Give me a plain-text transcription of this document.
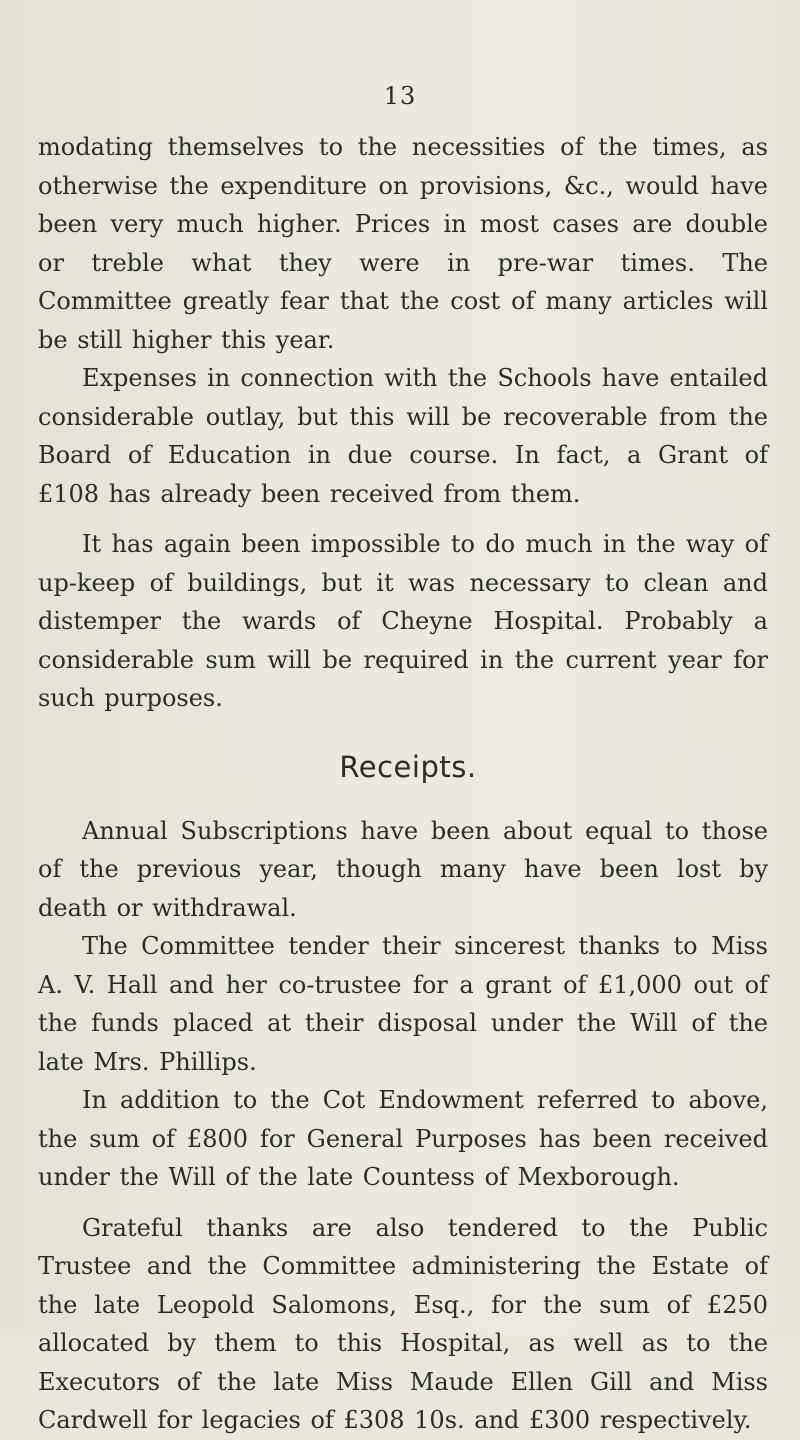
13

modating themselves to the necessities of the times, as otherwise the expenditure on provisions, &c., would have been very much higher. Prices in most cases are double or treble what they were in pre-war times. The Committee greatly fear that the cost of many articles will be still higher this year.

Expenses in connection with the Schools have entailed considerable outlay, but this will be recoverable from the Board of Education in due course. In fact, a Grant of £108 has already been received from them.

It has again been impossible to do much in the way of up-keep of buildings, but it was necessary to clean and distemper the wards of Cheyne Hospital. Probably a considerable sum will be required in the current year for such purposes.

Receipts.

Annual Subscriptions have been about equal to those of the previous year, though many have been lost by death or withdrawal.

The Committee tender their sincerest thanks to Miss A. V. Hall and her co-trustee for a grant of £1,000 out of the funds placed at their disposal under the Will of the late Mrs. Phillips.

In addition to the Cot Endowment referred to above, the sum of £800 for General Purposes has been received under the Will of the late Countess of Mexborough.

Grateful thanks are also tendered to the Public Trustee and the Committee administering the Estate of the late Leopold Salomons, Esq., for the sum of £250 allocated by them to this Hospital, as well as to the Executors of the late Miss Maude Ellen Gill and Miss Cardwell for legacies of £308 10s. and £300 respectively.
